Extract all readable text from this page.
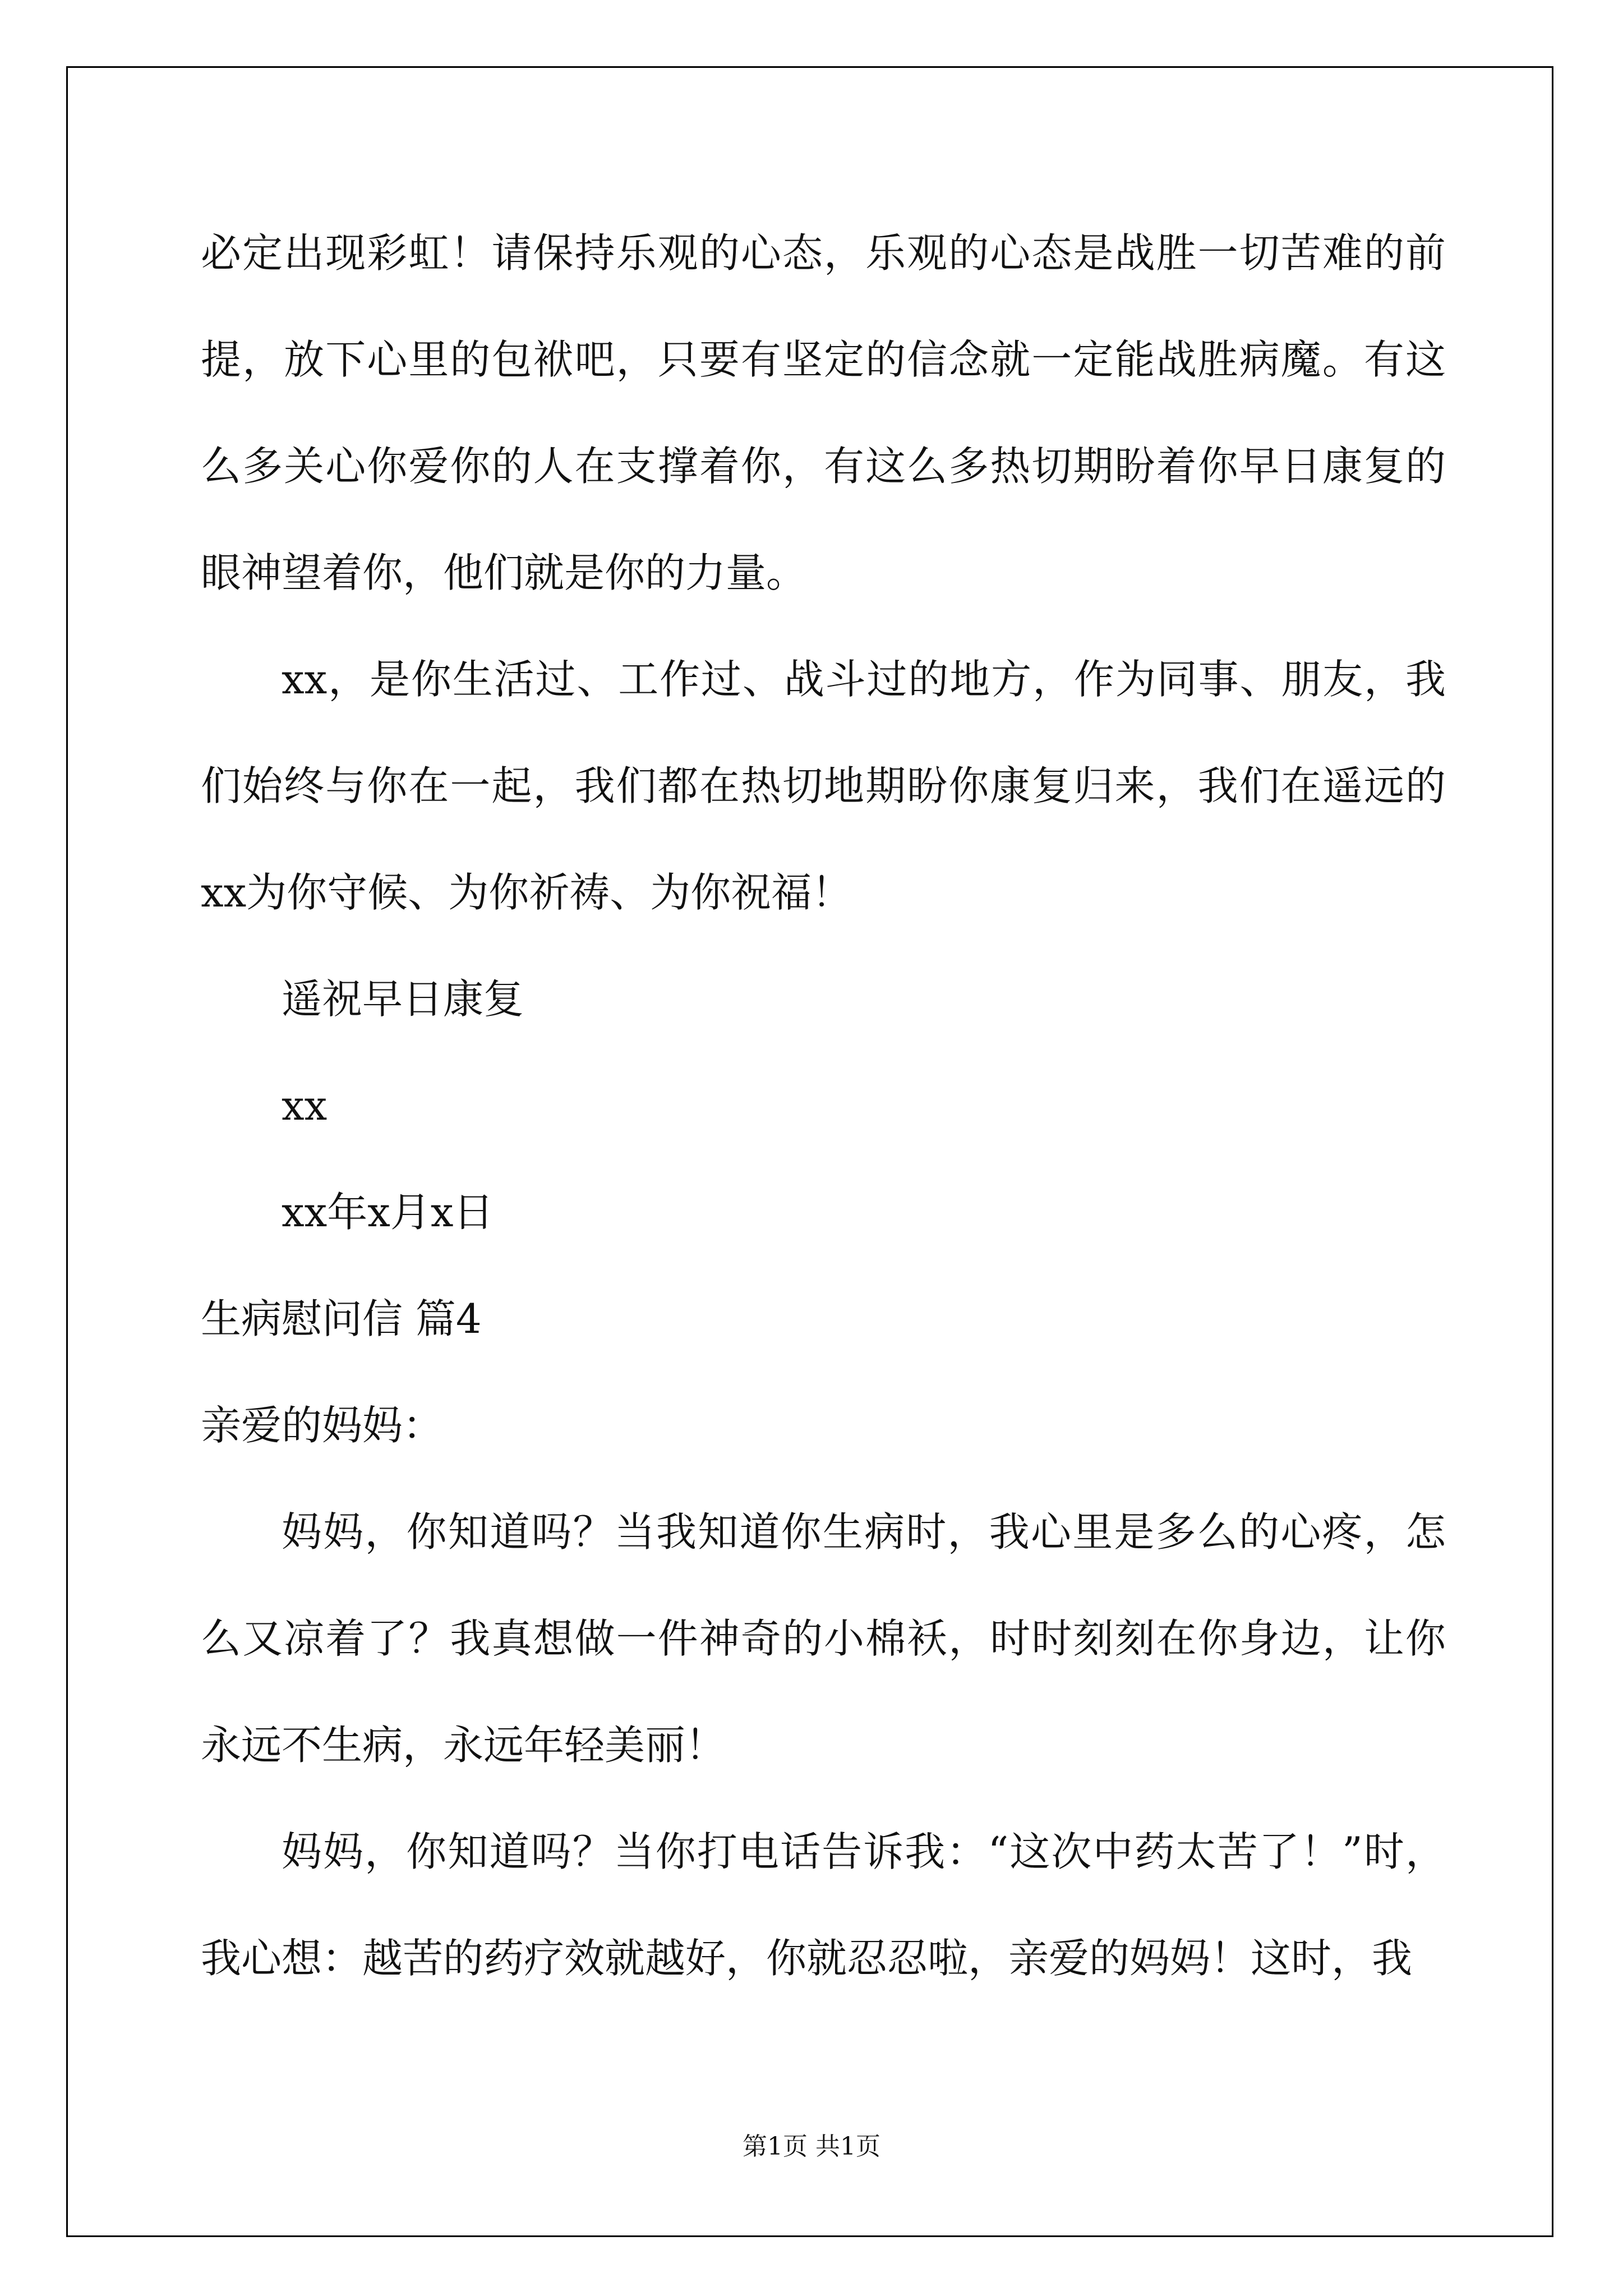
必定出现彩虹！请保持乐观的心态，乐观的心态是战胜一切苦难的前提，放下心里的包袱吧，只要有坚定的信念就一定能战胜病魔。有这么多关心你爱你的人在支撑着你，有这么多热切期盼着你早日康复的眼神望着你，他们就是你的力量。

xx，是你生活过、工作过、战斗过的地方，作为同事、朋友，我们始终与你在一起，我们都在热切地期盼你康复归来，我们在遥远的xx为你守候、为你祈祷、为你祝福！

遥祝早日康复

xx

xx年x月x日

生病慰问信 篇4

亲爱的妈妈：

妈妈，你知道吗？当我知道你生病时，我心里是多么的心疼，怎么又凉着了？我真想做一件神奇的小棉袄，时时刻刻在你身边，让你永远不生病，永远年轻美丽！

妈妈，你知道吗？当你打电话告诉我：“这次中药太苦了！”时，我心想：越苦的药疗效就越好，你就忍忍啦，亲爱的妈妈！这时，我

第1页 共1页
